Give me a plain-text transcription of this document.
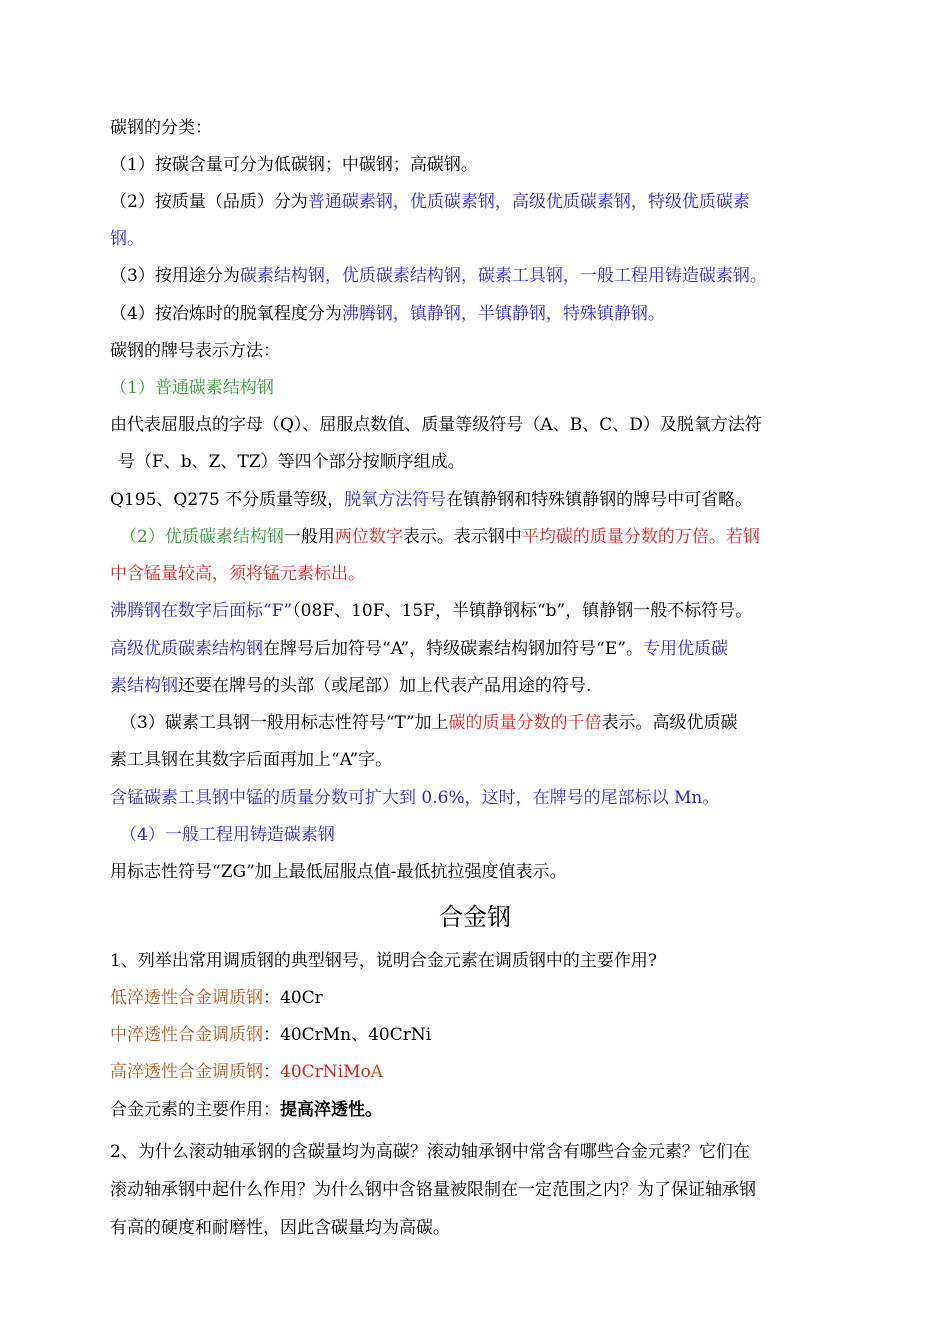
碳钢的分类：
（1）按碳含量可分为低碳钢；中碳钢；高碳钢。
（2）按质量（品质）分为普通碳素钢，优质碳素钢，高级优质碳素钢，特级优质碳素
钢。
（3）按用途分为碳素结构钢，优质碳素结构钢，碳素工具钢，一般工程用铸造碳素钢。
（4）按冶炼时的脱氧程度分为沸腾钢，镇静钢，半镇静钢，特殊镇静钢。
碳钢的牌号表示方法：
（1）普通碳素结构钢
由代表屈服点的字母（Q）、屈服点数值、质量等级符号（A、B、C、D）及脱氧方法符
号（F、b、Z、TZ）等四个部分按顺序组成。
Q195、Q275 不分质量等级，脱氧方法符号在镇静钢和特殊镇静钢的牌号中可省略。
（2）优质碳素结构钢一般用两位数字表示。表示钢中平均碳的质量分数的万倍。若钢
中含锰量较高，须将锰元素标出。
沸腾钢在数字后面标“F”（08F、10F、15F，半镇静钢标“b”，镇静钢一般不标符号。
高级优质碳素结构钢在牌号后加符号“A”，特级碳素结构钢加符号“E”。专用优质碳
素结构钢还要在牌号的头部（或尾部）加上代表产品用途的符号.
（3）碳素工具钢一般用标志性符号“T”加上碳的质量分数的千倍表示。高级优质碳
素工具钢在其数字后面再加上“A”字。
含锰碳素工具钢中锰的质量分数可扩大到 0.6%，这时，在牌号的尾部标以 Mn。
（4）一般工程用铸造碳素钢
用标志性符号“ZG”加上最低屈服点值-最低抗拉强度值表示。
合金钢
1、列举出常用调质钢的典型钢号，说明合金元素在调质钢中的主要作用?
低淬透性合金调质钢：40Cr
中淬透性合金调质钢：40CrMn、40CrNi
高淬透性合金调质钢：40CrNiMoA
合金元素的主要作用：提高淬透性。
2、为什么滚动轴承钢的含碳量均为高碳？滚动轴承钢中常含有哪些合金元素？它们在
滚动轴承钢中起什么作用？为什么钢中含铬量被限制在一定范围之内？为了保证轴承钢
有高的硬度和耐磨性，因此含碳量均为高碳。
